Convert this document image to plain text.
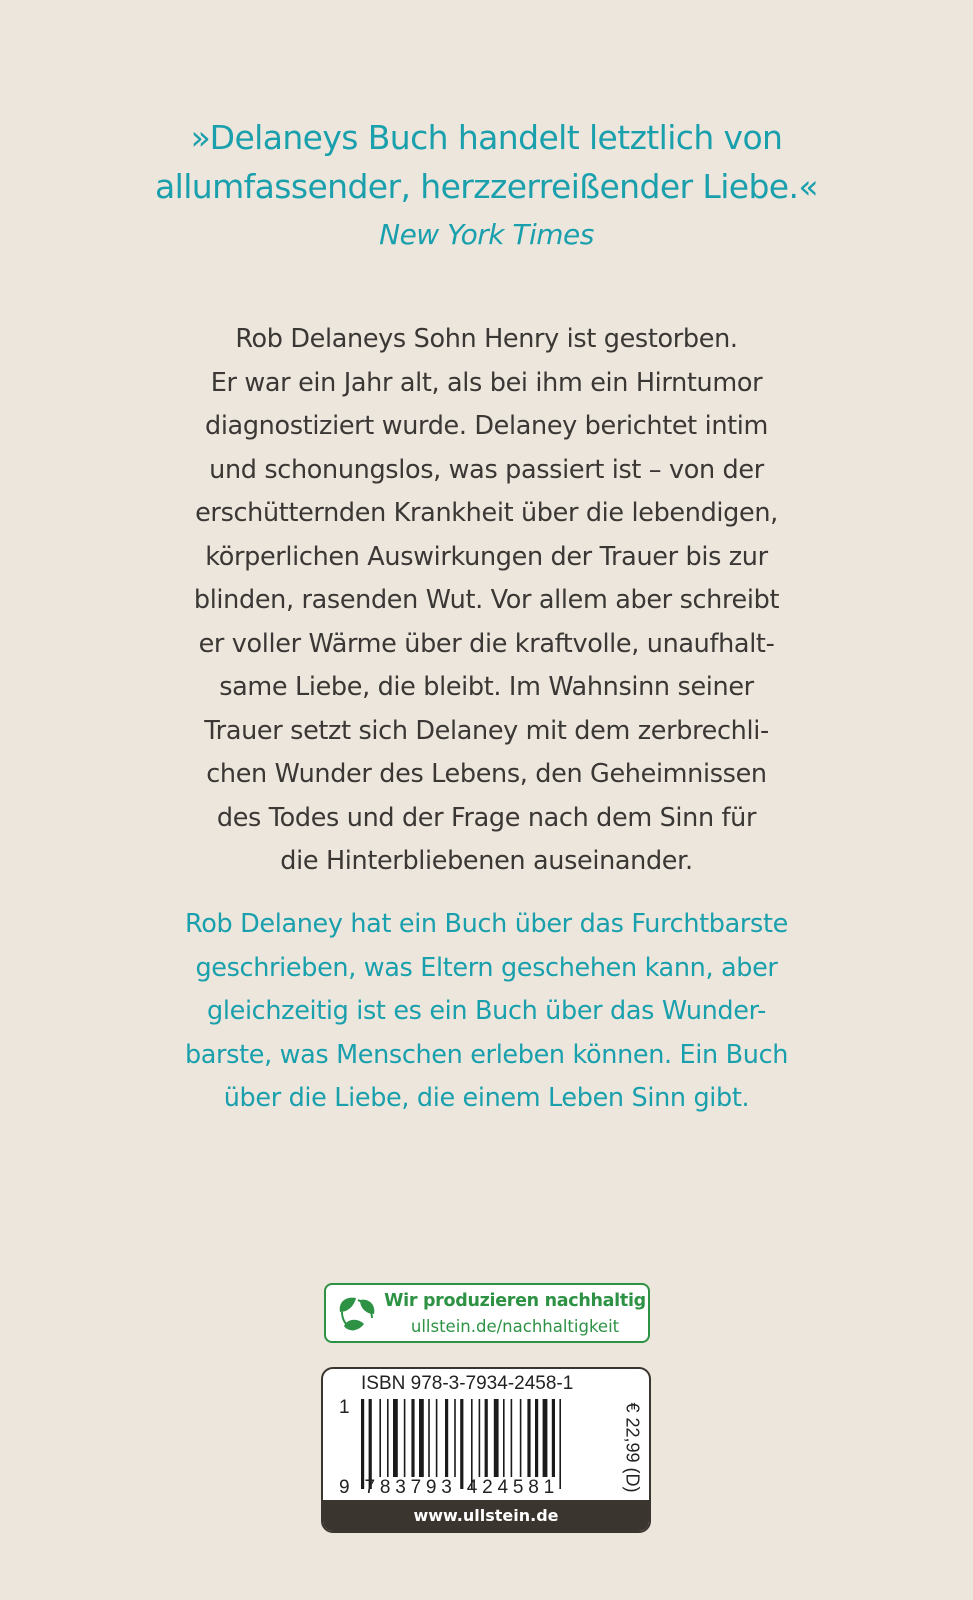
»Delaneys Buch handelt letztlich von
allumfassender, herzzerreißender Liebe.«
New York Times
Rob Delaneys Sohn Henry ist gestorben.
Er war ein Jahr alt, als bei ihm ein Hirntumor
diagnostiziert wurde. Delaney berichtet intim
und schonungslos, was passiert ist – von der
erschütternden Krankheit über die lebendigen,
körperlichen Auswirkungen der Trauer bis zur
blinden, rasenden Wut. Vor allem aber schreibt
er voller Wärme über die kraftvolle, unaufhalt-
same Liebe, die bleibt. Im Wahnsinn seiner
Trauer setzt sich Delaney mit dem zerbrechli-
chen Wunder des Lebens, den Geheimnissen
des Todes und der Frage nach dem Sinn für
die Hinterbliebenen auseinander.
Rob Delaney hat ein Buch über das Furchtbarste
geschrieben, was Eltern geschehen kann, aber
gleichzeitig ist es ein Buch über das Wunder-
barste, was Menschen erleben können. Ein Buch
über die Liebe, die einem Leben Sinn gibt.
Wir produzieren nachhaltig
ullstein.de/nachhaltigkeit
ISBN 978-3-7934-2458-1
1
9 783793 424581	€ 22,99 (D)
www.ullstein.de
